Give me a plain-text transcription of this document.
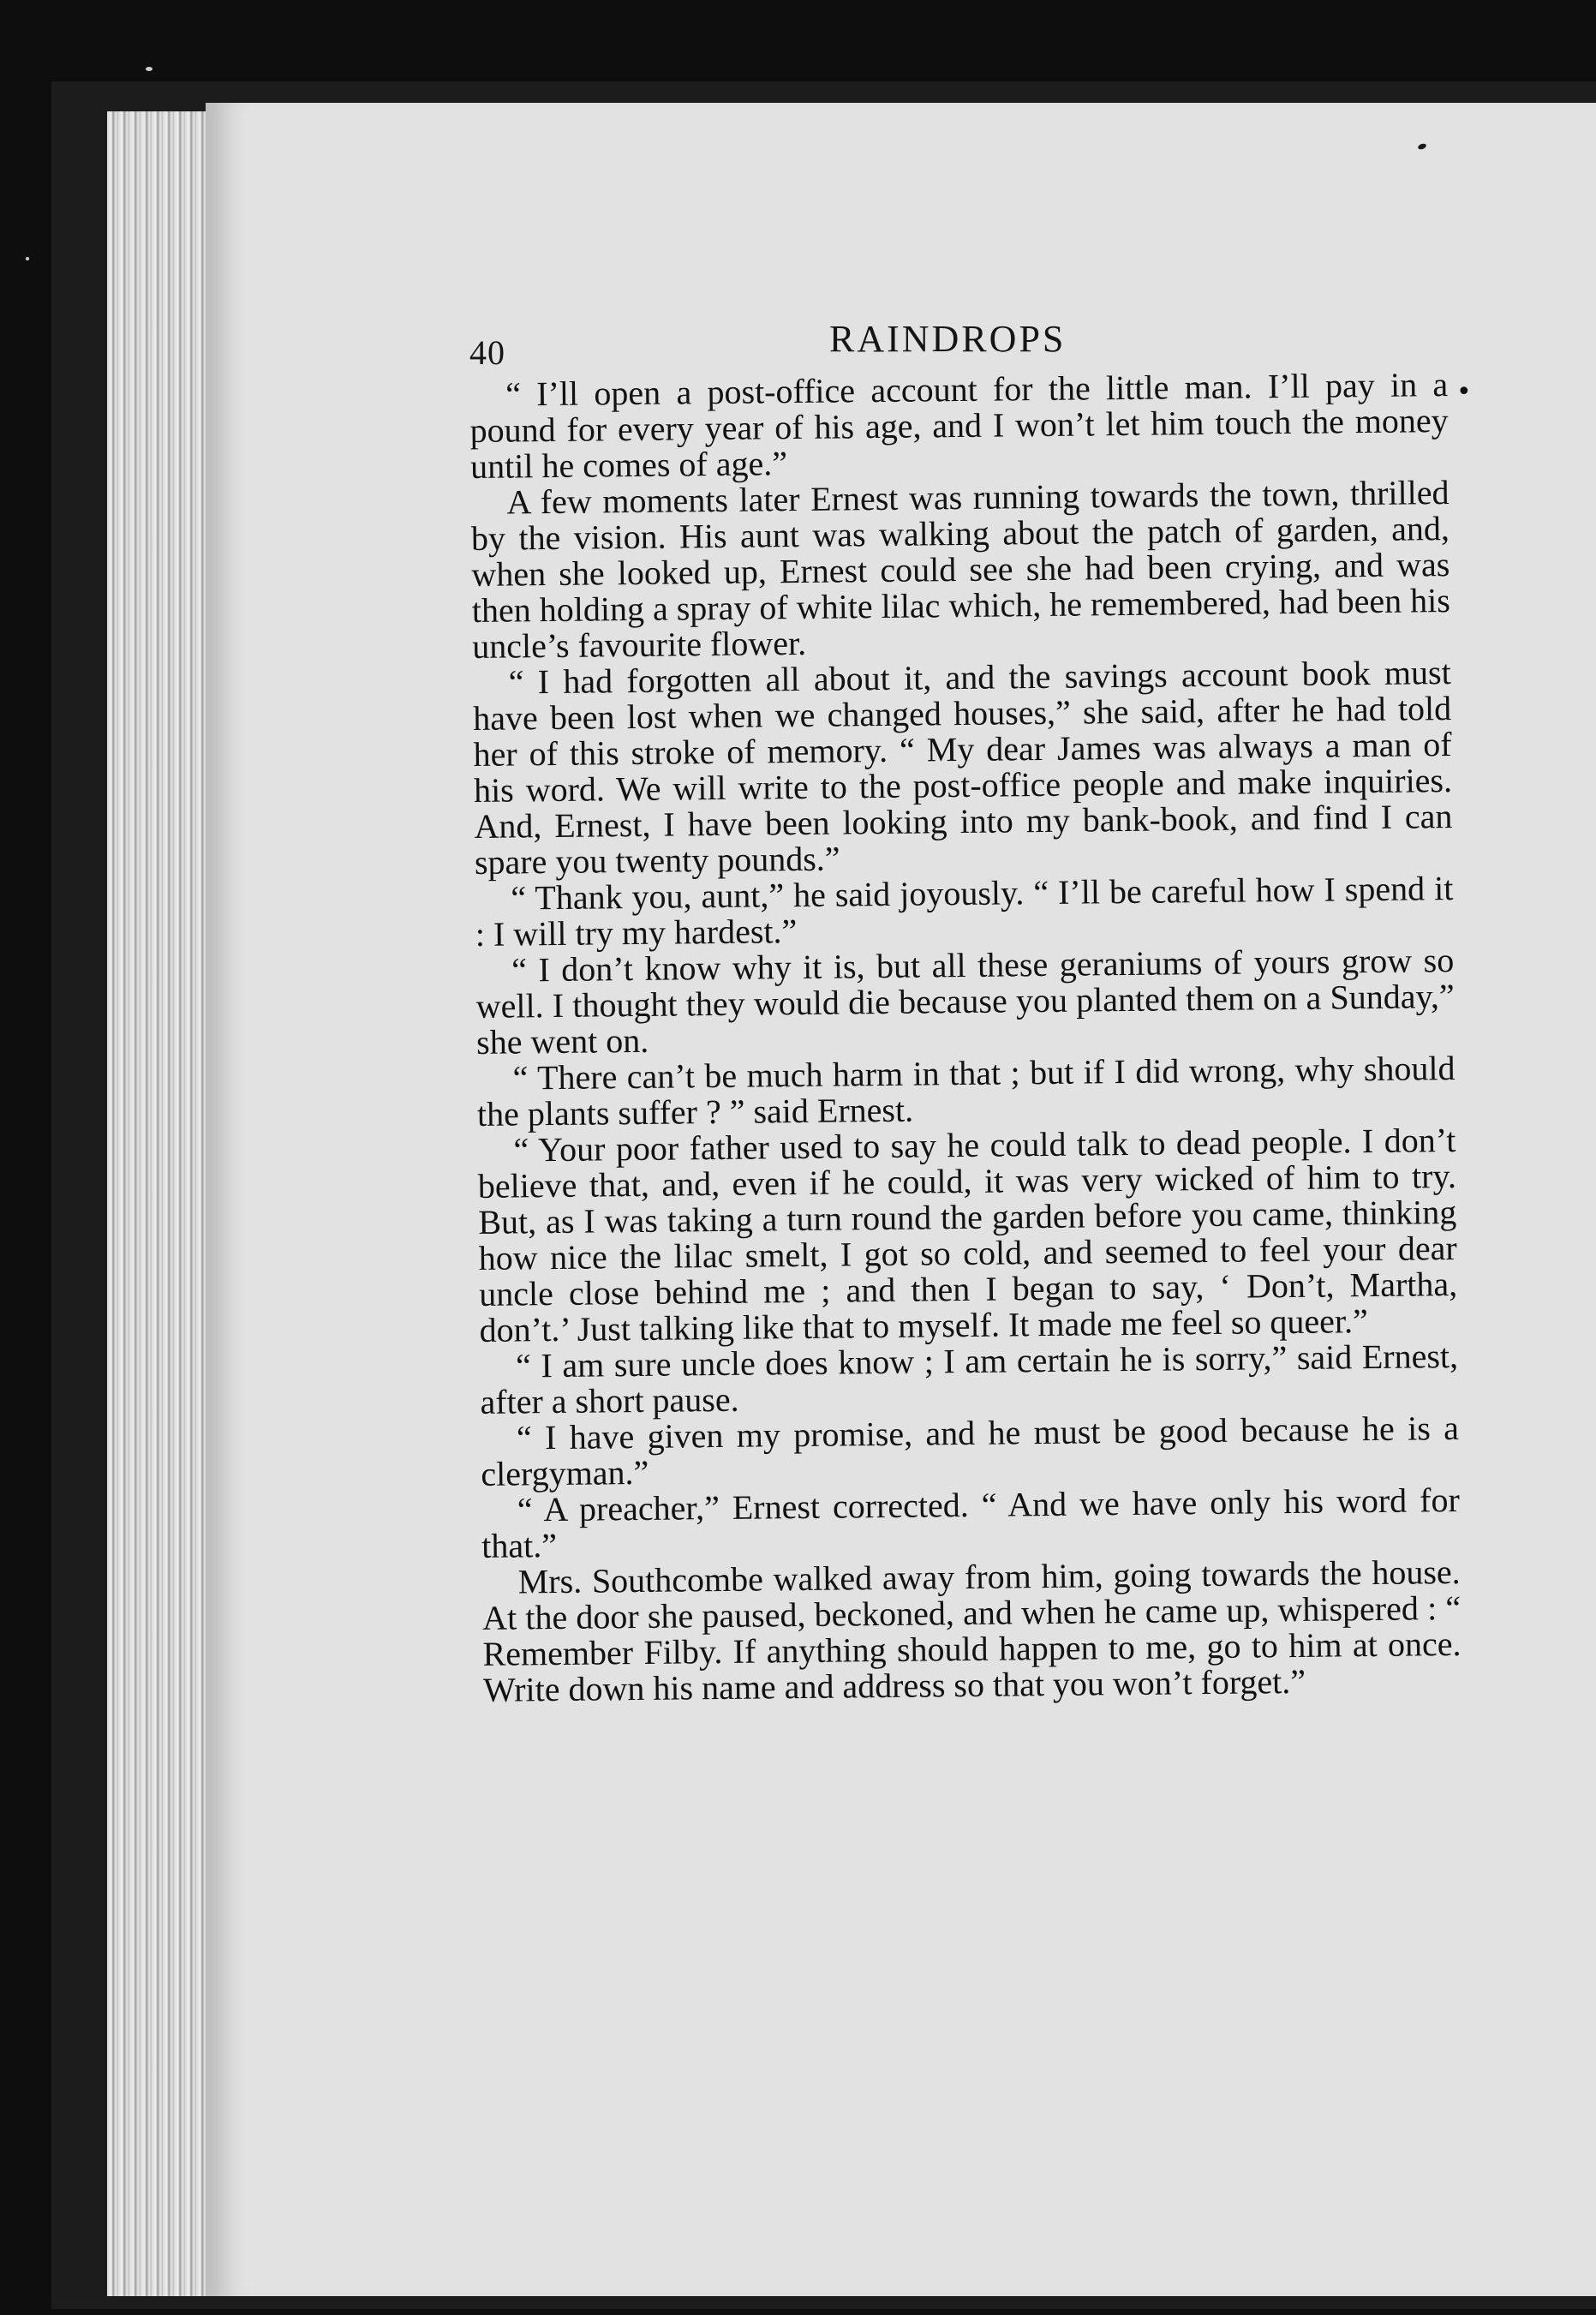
40	RAINDROPS
•

“ I’ll open a post-office account for the little man. I’ll pay in a pound for every year of his age, and I won’t let him touch the money until he comes of age.”

A few moments later Ernest was running towards the town, thrilled by the vision. His aunt was walking about the patch of garden, and, when she looked up, Ernest could see she had been crying, and was then holding a spray of white lilac which, he remembered, had been his uncle’s favourite flower.

“ I had forgotten all about it, and the savings account book must have been lost when we changed houses,” she said, after he had told her of this stroke of memory. “ My dear James was always a man of his word. We will write to the post-office people and make inquiries. And, Ernest, I have been looking into my bank-book, and find I can spare you twenty pounds.”

“ Thank you, aunt,” he said joyously. “ I’ll be careful how I spend it : I will try my hardest.”

“ I don’t know why it is, but all these geraniums of yours grow so well. I thought they would die because you planted them on a Sunday,” she went on.

“ There can’t be much harm in that ; but if I did wrong, why should the plants suffer ? ” said Ernest.

“ Your poor father used to say he could talk to dead people. I don’t believe that, and, even if he could, it was very wicked of him to try. But, as I was taking a turn round the garden before you came, thinking how nice the lilac smelt, I got so cold, and seemed to feel your dear uncle close behind me ; and then I began to say, ‘ Don’t, Martha, don’t.’ Just talking like that to myself. It made me feel so queer.”

“ I am sure uncle does know ; I am certain he is sorry,” said Ernest, after a short pause.

“ I have given my promise, and he must be good because he is a clergyman.”

“ A preacher,” Ernest corrected. “ And we have only his word for that.”

Mrs. Southcombe walked away from him, going towards the house. At the door she paused, beckoned, and when he came up, whispered : “ Remember Filby. If anything should happen to me, go to him at once. Write down his name and address so that you won’t forget.”
